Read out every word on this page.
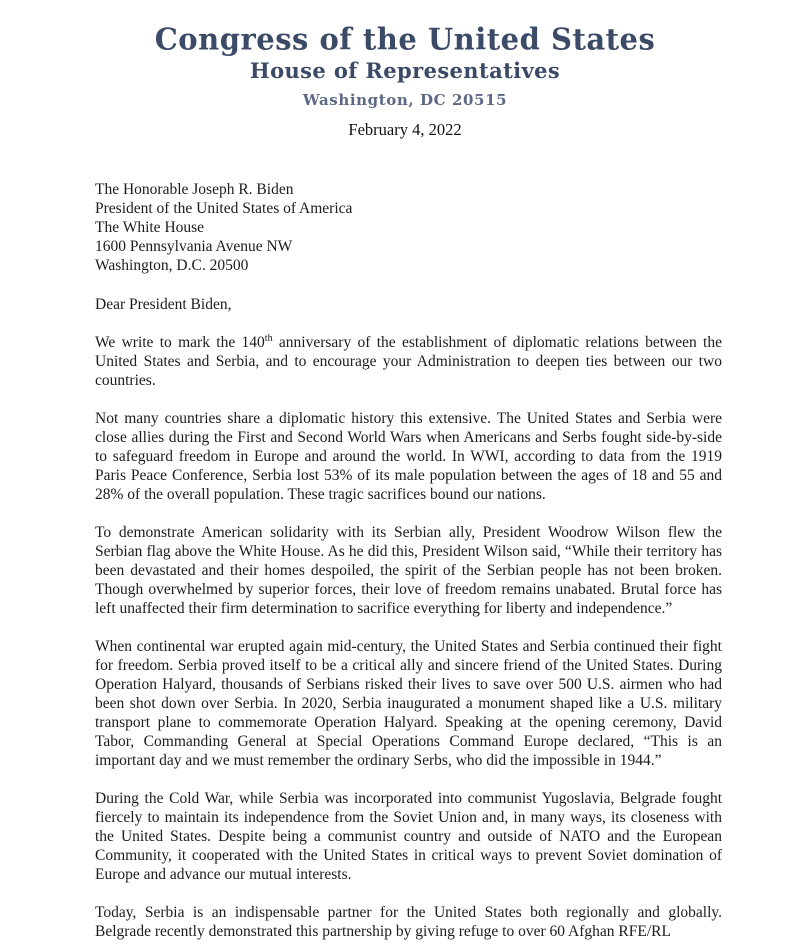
Congress of the United States
House of Representatives
Washington, DC 20515
February 4, 2022
The Honorable Joseph R. Biden
President of the United States of America
The White House
1600 Pennsylvania Avenue NW
Washington, D.C. 20500

Dear President Biden,

We write to mark the 140th anniversary of the establishment of diplomatic relations between the United States and Serbia, and to encourage your Administration to deepen ties between our two countries.

Not many countries share a diplomatic history this extensive. The United States and Serbia were close allies during the First and Second World Wars when Americans and Serbs fought side-by-side to safeguard freedom in Europe and around the world. In WWI, according to data from the 1919 Paris Peace Conference, Serbia lost 53% of its male population between the ages of 18 and 55 and 28% of the overall population. These tragic sacrifices bound our nations.

To demonstrate American solidarity with its Serbian ally, President Woodrow Wilson flew the Serbian flag above the White House. As he did this, President Wilson said, “While their territory has been devastated and their homes despoiled, the spirit of the Serbian people has not been broken. Though overwhelmed by superior forces, their love of freedom remains unabated. Brutal force has left unaffected their firm determination to sacrifice everything for liberty and independence.”

When continental war erupted again mid-century, the United States and Serbia continued their fight for freedom. Serbia proved itself to be a critical ally and sincere friend of the United States. During Operation Halyard, thousands of Serbians risked their lives to save over 500 U.S. airmen who had been shot down over Serbia. In 2020, Serbia inaugurated a monument shaped like a U.S. military transport plane to commemorate Operation Halyard. Speaking at the opening ceremony, David Tabor, Commanding General at Special Operations Command Europe declared, “This is an important day and we must remember the ordinary Serbs, who did the impossible in 1944.”

During the Cold War, while Serbia was incorporated into communist Yugoslavia, Belgrade fought fiercely to maintain its independence from the Soviet Union and, in many ways, its closeness with the United States. Despite being a communist country and outside of NATO and the European Community, it cooperated with the United States in critical ways to prevent Soviet domination of Europe and advance our mutual interests.

Today, Serbia is an indispensable partner for the United States both regionally and globally. Belgrade recently demonstrated this partnership by giving refuge to over 60 Afghan RFE/RL
